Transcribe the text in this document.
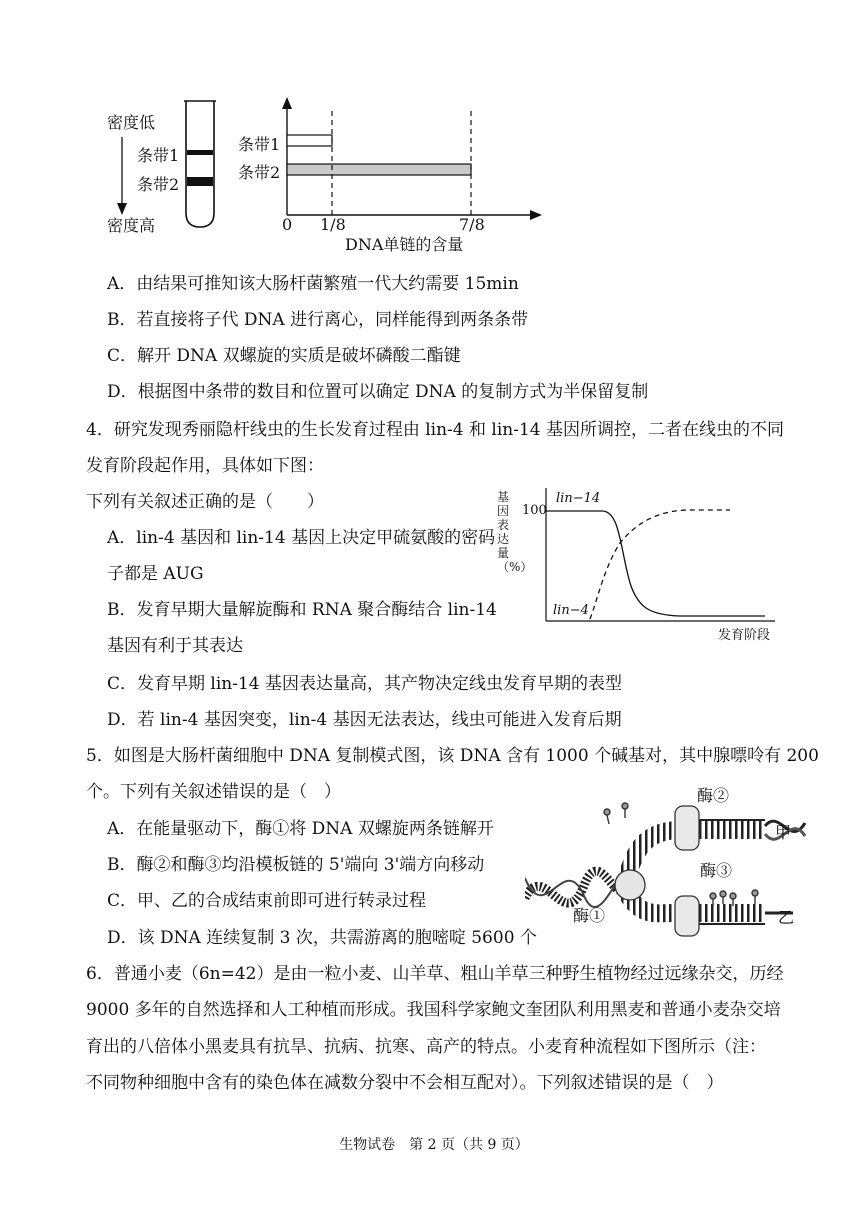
密度低
条带1
条带2
密度高
条带1
条带2
0 1/8	7/8
DNA单链的含量
A．由结果可推知该大肠杆菌繁殖一代大约需要 15min
B．若直接将子代 DNA 进行离心，同样能得到两条条带
C．解开 DNA 双螺旋的实质是破坏磷酸二酯键
D．根据图中条带的数目和位置可以确定 DNA 的复制方式为半保留复制
4．研究发现秀丽隐杆线虫的生长发育过程由 lin-4 和 lin-14 基因所调控，二者在线虫的不同
发育阶段起作用，具体如下图：
下列有关叙述正确的是（　　）
A．lin-4 基因和 lin-14 基因上决定甲硫氨酸的密码
子都是 AUG
B．发育早期大量解旋酶和 RNA 聚合酶结合 lin-14
基因有利于其表达
C．发育早期 lin-14 基因表达量高，其产物决定线虫发育早期的表型
D．若 lin-4 基因突变，lin-4 基因无法表达，线虫可能进入发育后期
基因表达量（%）
100
发育阶段
lin−14
lin−4
5．如图是大肠杆菌细胞中 DNA 复制模式图，该 DNA 含有 1000 个碱基对，其中腺嘌呤有 200
个。下列有关叙述错误的是（　）
A．在能量驱动下，酶①将 DNA 双螺旋两条链解开
B．酶②和酶③均沿模板链的 5'端向 3'端方向移动
C．甲、乙的合成结束前即可进行转录过程
D．该 DNA 连续复制 3 次，共需游离的胞嘧啶 5600 个
酶②
甲
酶③
酶①	乙
6．普通小麦（6n=42）是由一粒小麦、山羊草、粗山羊草三种野生植物经过远缘杂交，历经
9000 多年的自然选择和人工种植而形成。我国科学家鲍文奎团队利用黑麦和普通小麦杂交培
育出的八倍体小黑麦具有抗旱、抗病、抗寒、高产的特点。小麦育种流程如下图所示（注：
不同物种细胞中含有的染色体在减数分裂中不会相互配对）。下列叙述错误的是（　）
生物试卷　第 2 页（共 9 页）
